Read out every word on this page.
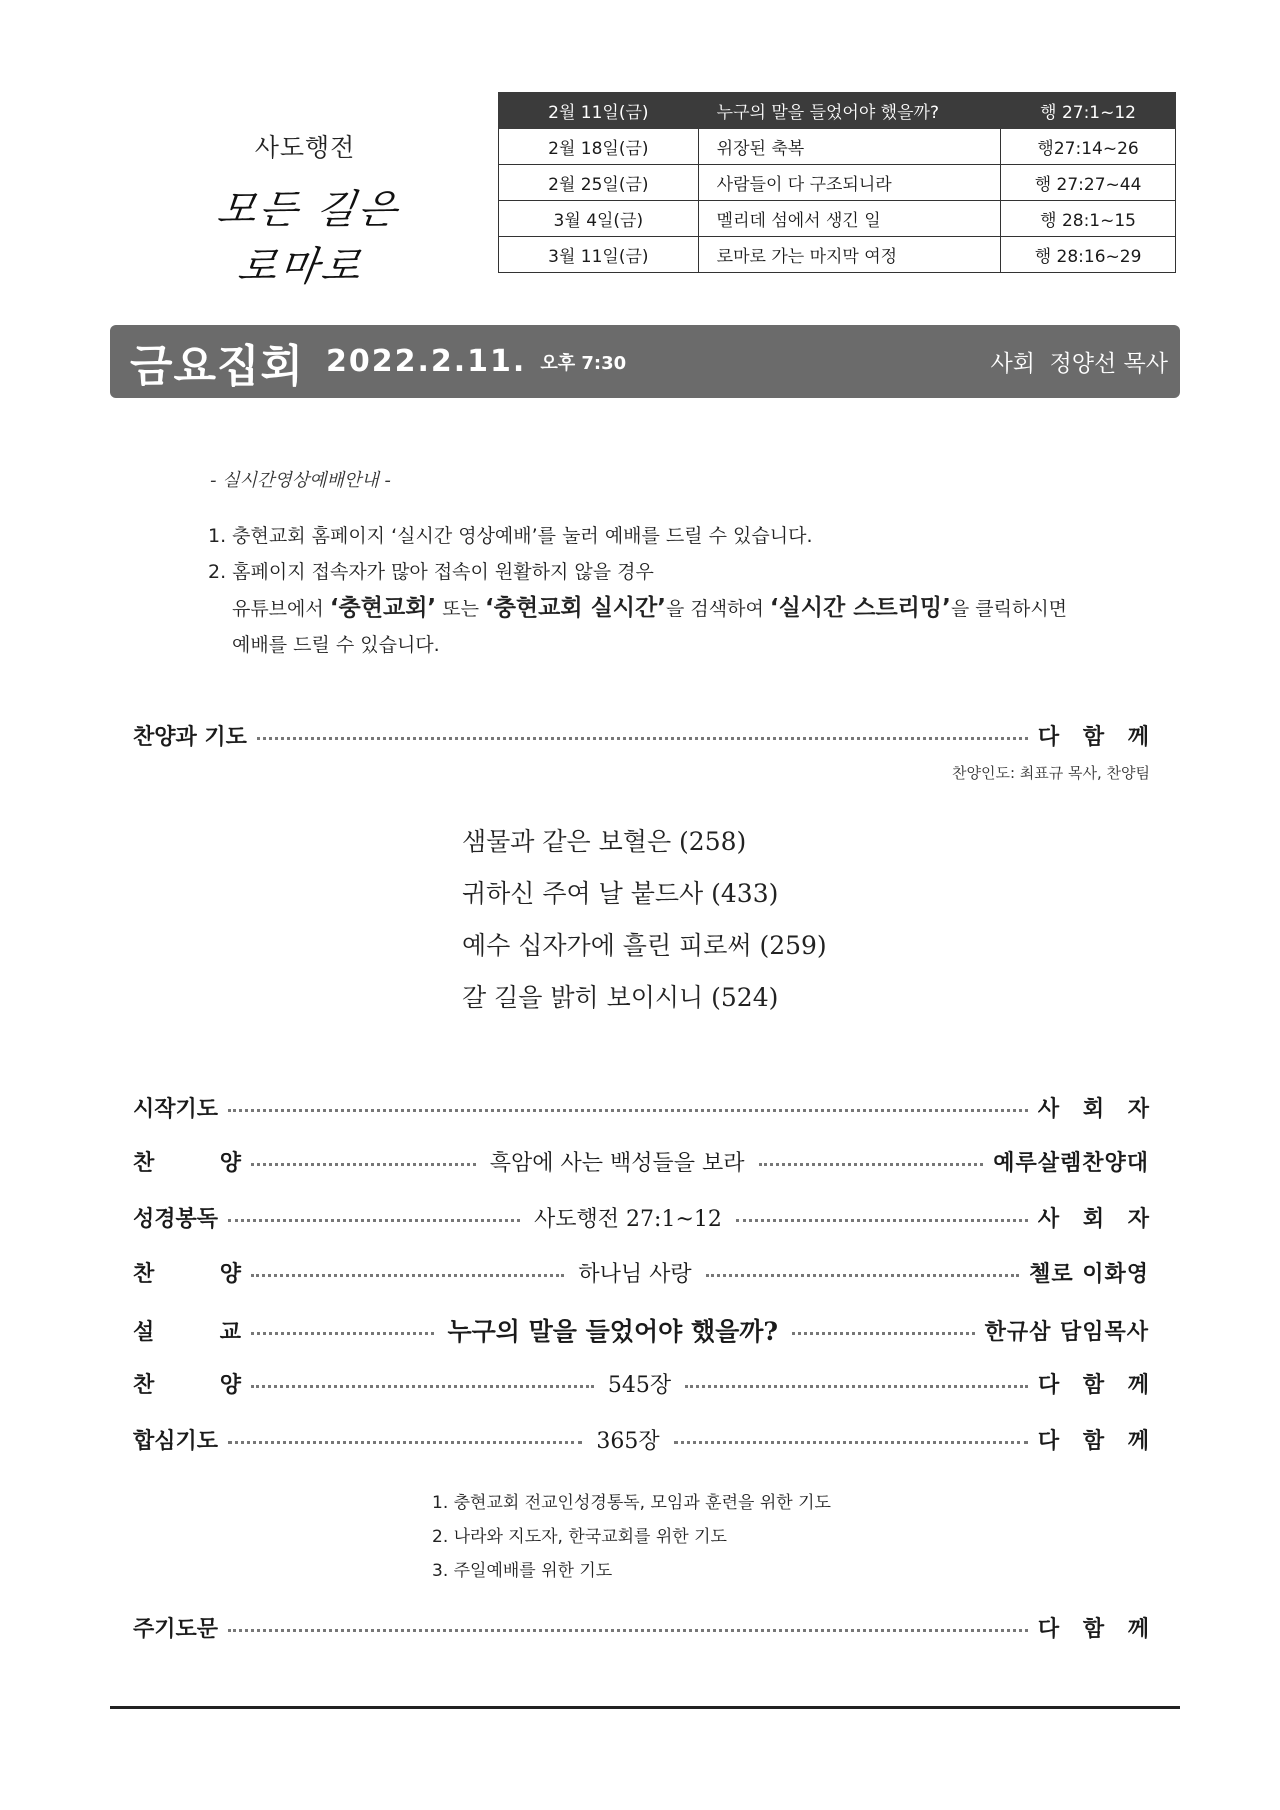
사도행전
모든 길은 로마로
2월 11일(금)	누구의 말을 들었어야 했을까?	행 27:1~12
2월 18일(금)	위장된 축복	행27:14~26
2월 25일(금)	사람들이 다 구조되니라	행 27:27~44
3월 4일(금)	멜리데 섬에서 생긴 일	행 28:1~15
3월 11일(금)	로마로 가는 마지막 여정	행 28:16~29
금요집회 2022.2.11. 오후 7:30	사회  정양선 목사
- 실시간영상예배안내 -
1. 충현교회 홈페이지 ‘실시간 영상예배’를 눌러 예배를 드릴 수 있습니다.
2. 홈페이지 접속자가 많아 접속이 원활하지 않을 경우
유튜브에서 ‘충현교회’ 또는 ‘충현교회 실시간’을 검색하여 ‘실시간 스트리밍’을 클릭하시면
예배를 드릴 수 있습니다.
찬양과 기도	다 함 께
찬양인도: 최표규 목사, 찬양팀
샘물과 같은 보혈은 (258)
귀하신 주여 날 붙드사 (433)
예수 십자가에 흘린 피로써 (259)
갈 길을 밝히 보이시니 (524)
시작기도	사 회 자
찬	양	흑암에 사는 백성들을 보라	예루살렘찬양대
성경봉독	사도행전 27:1~12	사 회 자
찬	양	하나님 사랑	첼로 이화영
설	교	누구의 말을 들었어야 했을까?	한규삼 담임목사
찬	양	545장	다 함 께
합심기도	365장	다 함 께
1. 충현교회 전교인성경통독, 모임과 훈련을 위한 기도
2. 나라와 지도자, 한국교회를 위한 기도
3. 주일예배를 위한 기도
주기도문	다 함 께
